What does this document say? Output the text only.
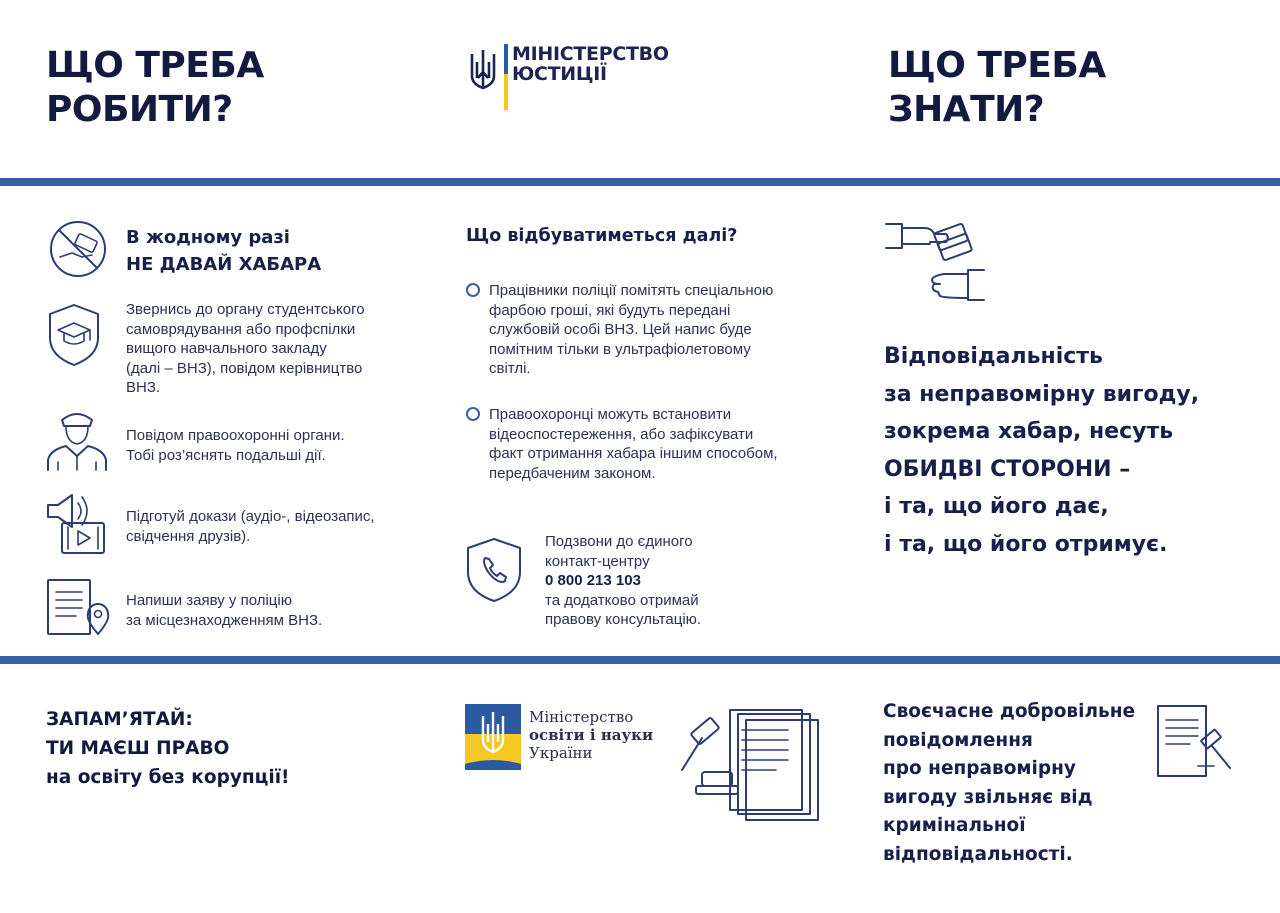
ЩО ТРЕБА
РОБИТИ?
МІНІСТЕРСТВО
ЮСТИЦІЇ	ЩО ТРЕБА
ЗНАТИ?
В жодному разі
НЕ ДАВАЙ ХАБАРА
Звернись до органу студентського
самоврядування або профспілки
вищого навчального закладу
(далі – ВНЗ), повідом керівництво
ВНЗ.
Повідом правоохоронні органи.
Тобі роз’яснять подальші дії.
Підготуй докази (аудіо-, відеозапис,
свідчення друзів).
Напиши заяву у поліцію
за місцезнаходженням ВНЗ.
Що відбуватиметься далі?
Працівники поліції помітять спеціальною
фарбою гроші, які будуть передані
службовій особі ВНЗ. Цей напис буде
помітним тільки в ультрафіолетовому
світлі.
Правоохоронці можуть встановити
відеоспостереження, або зафіксувати
факт отримання хабара іншим способом,
передбаченим законом.
Подзвони до єдиного
контакт-центру
0 800 213 103
та додатково отримай
правову консультацію.
Відповідальність
за неправомірну вигоду,
зокрема хабар, несуть
ОБИДВІ СТОРОНИ –
і та, що його дає,
і та, що його отримує.
ЗАПАМ’ЯТАЙ:
ТИ МАЄШ ПРАВО
на освіту без корупції!
Міністерство
освіти і науки
України
Своєчасне добровільне
повідомлення
про неправомірну
вигоду звільняє від
кримінальної
відповідальності.
